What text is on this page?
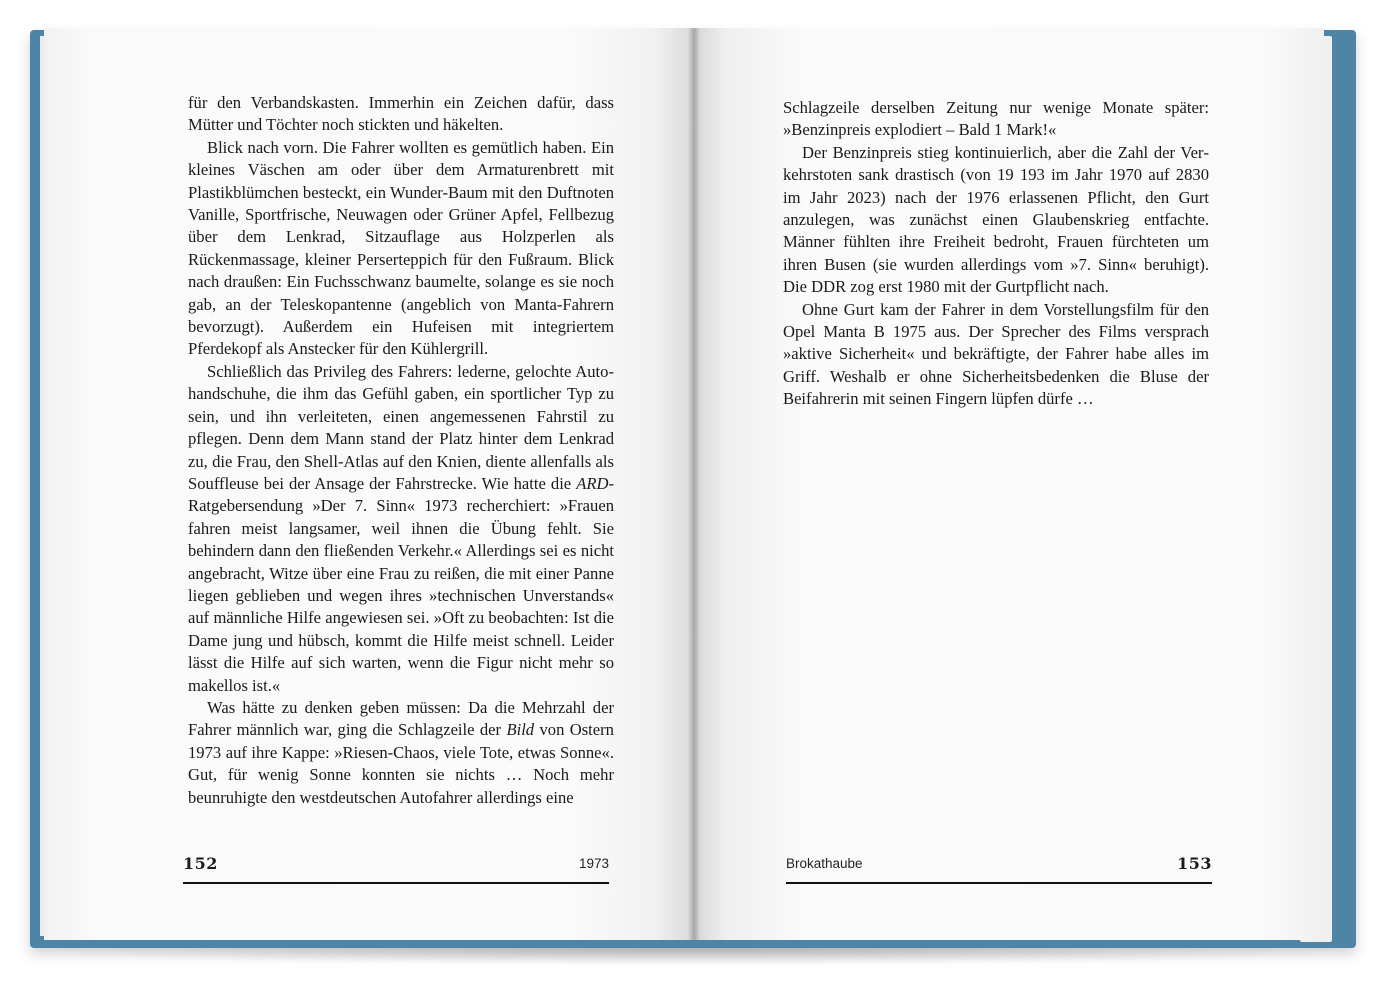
für den Verbandskasten. Immerhin ein Zeichen dafür, dass Mütter und Töchter noch stickten und häkelten.

Blick nach vorn. Die Fahrer wollten es gemütlich haben. Ein kleines Väschen am oder über dem Armaturenbrett mit Plastikblümchen besteckt, ein Wunder-Baum mit den Duftnoten Vanille, Sportfrische, Neuwagen oder Grüner Apfel, Fellbezug über dem Lenkrad, Sitzauflage aus Holzperlen als Rückenmassage, kleiner Perserteppich für den Fußraum. Blick nach draußen: Ein Fuchsschwanz baumelte, solange es sie noch gab, an der Teleskopantenne (angeblich von Manta-Fahrern bevorzugt). Außerdem ein Hufeisen mit integriertem Pferdekopf als Anstecker für den Kühlergrill.

Schließlich das Privileg des Fahrers: lederne, gelochte Autohandschuhe, die ihm das Gefühl gaben, ein sportlicher Typ zu sein, und ihn verleiteten, einen angemessenen Fahrstil zu pflegen. Denn dem Mann stand der Platz hinter dem Lenkrad zu, die Frau, den Shell-Atlas auf den Knien, diente allenfalls als Souffleuse bei der Ansage der Fahrstrecke. Wie hatte die ARD-Ratgebersendung »Der 7. Sinn« 1973 recherchiert: »Frauen fahren meist langsamer, weil ihnen die Übung fehlt. Sie behindern dann den fließenden Verkehr.« Allerdings sei es nicht angebracht, Witze über eine Frau zu reißen, die mit einer Panne liegen geblieben und wegen ihres »technischen Unverstands« auf männliche Hilfe angewiesen sei. »Oft zu beobachten: Ist die Dame jung und hübsch, kommt die Hilfe meist schnell. Leider lässt die Hilfe auf sich warten, wenn die Figur nicht mehr so makellos ist.«

Was hätte zu denken geben müssen: Da die Mehrzahl der Fahrer männlich war, ging die Schlagzeile der Bild von Ostern 1973 auf ihre Kappe: »Riesen-Chaos, viele Tote, etwas Sonne«. Gut, für wenig Sonne konnten sie nichts … Noch mehr beunruhigte den westdeutschen Autofahrer allerdings eine

Schlagzeile derselben Zeitung nur wenige Monate später: »Benzinpreis explodiert – Bald 1 Mark!«

Der Benzinpreis stieg kontinuierlich, aber die Zahl der Verkehrstoten sank drastisch (von 19 193 im Jahr 1970 auf 2830 im Jahr 2023) nach der 1976 erlassenen Pflicht, den Gurt anzulegen, was zunächst einen Glaubenskrieg entfachte. Männer fühlten ihre Freiheit bedroht, Frauen fürchteten um ihren Busen (sie wurden allerdings vom »7. Sinn« beruhigt). Die DDR zog erst 1980 mit der Gurtpflicht nach.

Ohne Gurt kam der Fahrer in dem Vorstellungsfilm für den Opel Manta B 1975 aus. Der Sprecher des Films versprach »aktive Sicherheit« und bekräftigte, der Fahrer habe alles im Griff. Weshalb er ohne Sicherheitsbedenken die Bluse der Beifahrerin mit seinen Fingern lüpfen dürfe …

152	1973	Brokathaube	153
